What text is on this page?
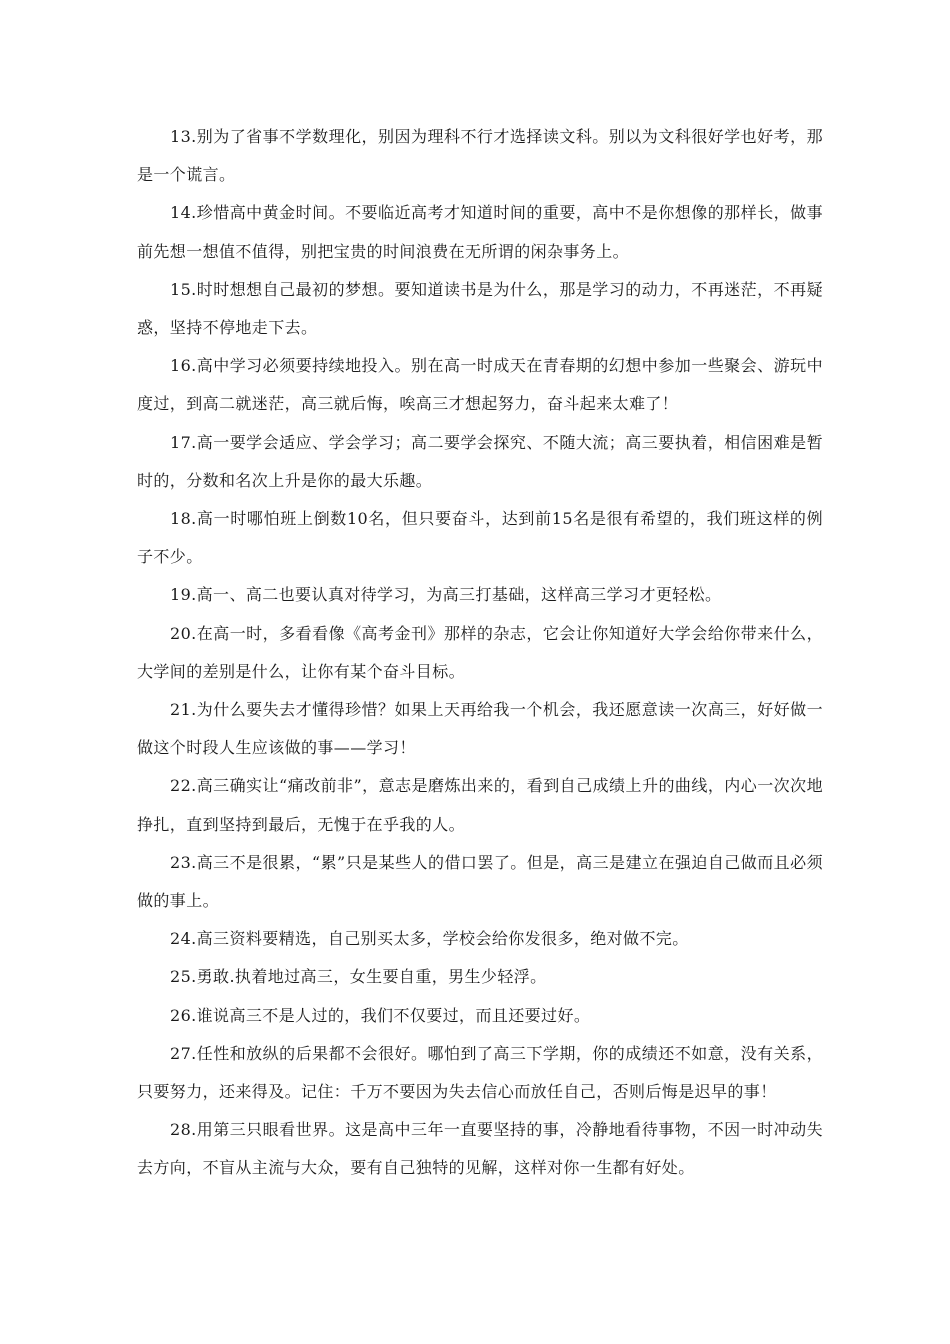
13.别为了省事不学数理化，别因为理科不行才选择读文科。别以为文科很好学也好考，那是一个谎言。

14.珍惜高中黄金时间。不要临近高考才知道时间的重要，高中不是你想像的那样长，做事前先想一想值不值得，别把宝贵的时间浪费在无所谓的闲杂事务上。

15.时时想想自己最初的梦想。要知道读书是为什么，那是学习的动力，不再迷茫，不再疑惑，坚持不停地走下去。

16.高中学习必须要持续地投入。别在高一时成天在青春期的幻想中参加一些聚会、游玩中度过，到高二就迷茫，高三就后悔，唉高三才想起努力，奋斗起来太难了！

17.高一要学会适应、学会学习；高二要学会探究、不随大流；高三要执着，相信困难是暂时的，分数和名次上升是你的最大乐趣。

18.高一时哪怕班上倒数10名，但只要奋斗，达到前15名是很有希望的，我们班这样的例子不少。

19.高一、高二也要认真对待学习，为高三打基础，这样高三学习才更轻松。

20.在高一时，多看看像《高考金刊》那样的杂志，它会让你知道好大学会给你带来什么，大学间的差别是什么，让你有某个奋斗目标。

21.为什么要失去才懂得珍惜？如果上天再给我一个机会，我还愿意读一次高三，好好做一做这个时段人生应该做的事——学习！

22.高三确实让“痛改前非”，意志是磨炼出来的，看到自己成绩上升的曲线，内心一次次地挣扎，直到坚持到最后，无愧于在乎我的人。

23.高三不是很累，“累”只是某些人的借口罢了。但是，高三是建立在强迫自己做而且必须做的事上。

24.高三资料要精选，自己别买太多，学校会给你发很多，绝对做不完。

25.勇敢.执着地过高三，女生要自重，男生少轻浮。

26.谁说高三不是人过的，我们不仅要过，而且还要过好。

27.任性和放纵的后果都不会很好。哪怕到了高三下学期，你的成绩还不如意，没有关系，只要努力，还来得及。记住：千万不要因为失去信心而放任自己，否则后悔是迟早的事！

28.用第三只眼看世界。这是高中三年一直要坚持的事，冷静地看待事物，不因一时冲动失去方向，不盲从主流与大众，要有自己独特的见解，这样对你一生都有好处。
